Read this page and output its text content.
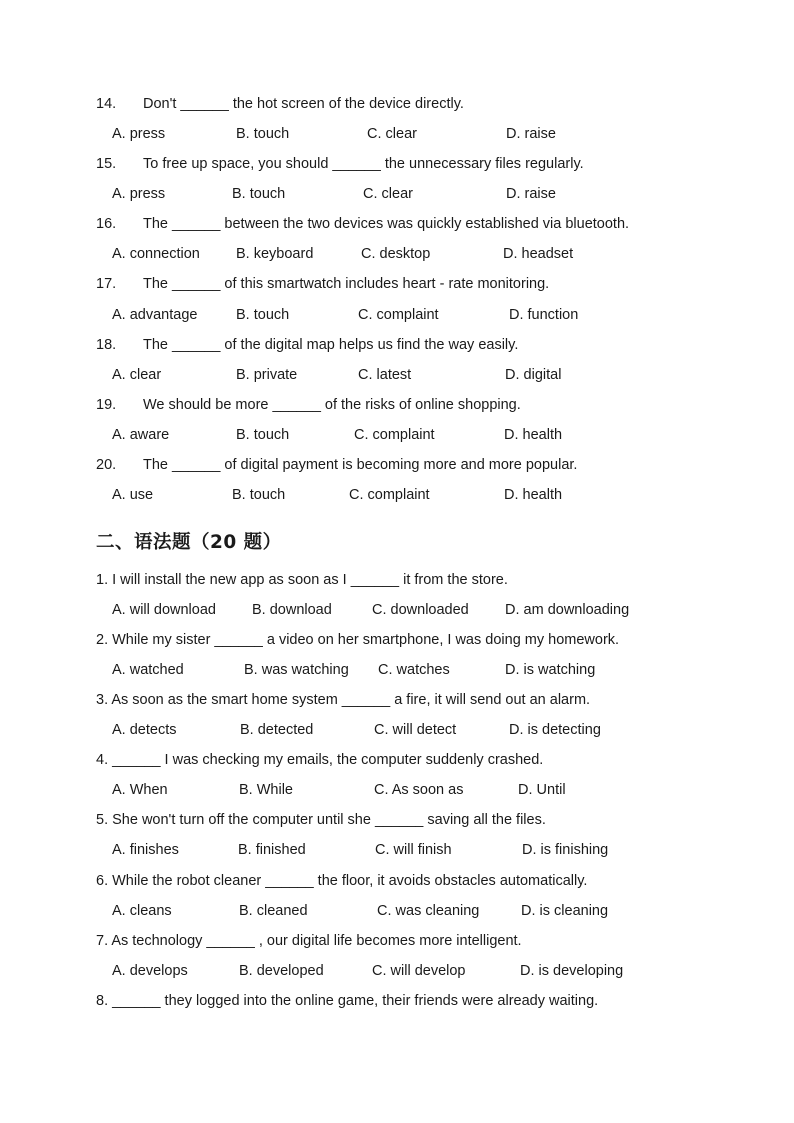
14. Don't ______ the hot screen of the device directly.

A. press

	B. touch

	C. clear

	D. raise

15. To free up space, you should ______ the unnecessary files regularly.

A. press

	B. touch

	C. clear

	D. raise

16. The ______ between the two devices was quickly established via bluetooth.

A. connection

B. keyboard

	C. desktop

	D. headset

17. The ______ of this smartwatch includes heart - rate monitoring.

A. advantage

	B. touch

	C. complaint

	D. function

18. The ______ of the digital map helps us find the way easily.

A. clear

	B. private

	C. latest

	D. digital

19. We should be more ______ of the risks of online shopping.

A. aware

	B. touch

	C. complaint

	D. health

20. The ______ of digital payment is becoming more and more popular.

A. use

	B. touch

	C. complaint

	D. health

二、语法题（20 题）
1. I will install the new app as soon as I ______ it from the store.

A. will download

B. download

	C. downloaded

	D. am downloading

2. While my sister ______ a video on her smartphone, I was doing my homework.

A. watched

	B. was watching

C. watches

	D. is watching

3. As soon as the smart home system ______ a fire, it will send out an alarm.

A. detects

	B. detected

	C. will detect

	D. is detecting

4. ______ I was checking my emails, the computer suddenly crashed.

A. When

	B. While

	C. As soon as

	D. Until

5. She won't turn off the computer until she ______ saving all the files.

A. finishes

	B. finished

	C. will finish

	D. is finishing

6. While the robot cleaner ______ the floor, it avoids obstacles automatically.

A. cleans

	B. cleaned

	C. was cleaning

	D. is cleaning

7. As technology ______ , our digital life becomes more intelligent.

A. develops

	B. developed

	C. will develop

	D. is developing

8. ______ they logged into the online game, their friends were already waiting.
